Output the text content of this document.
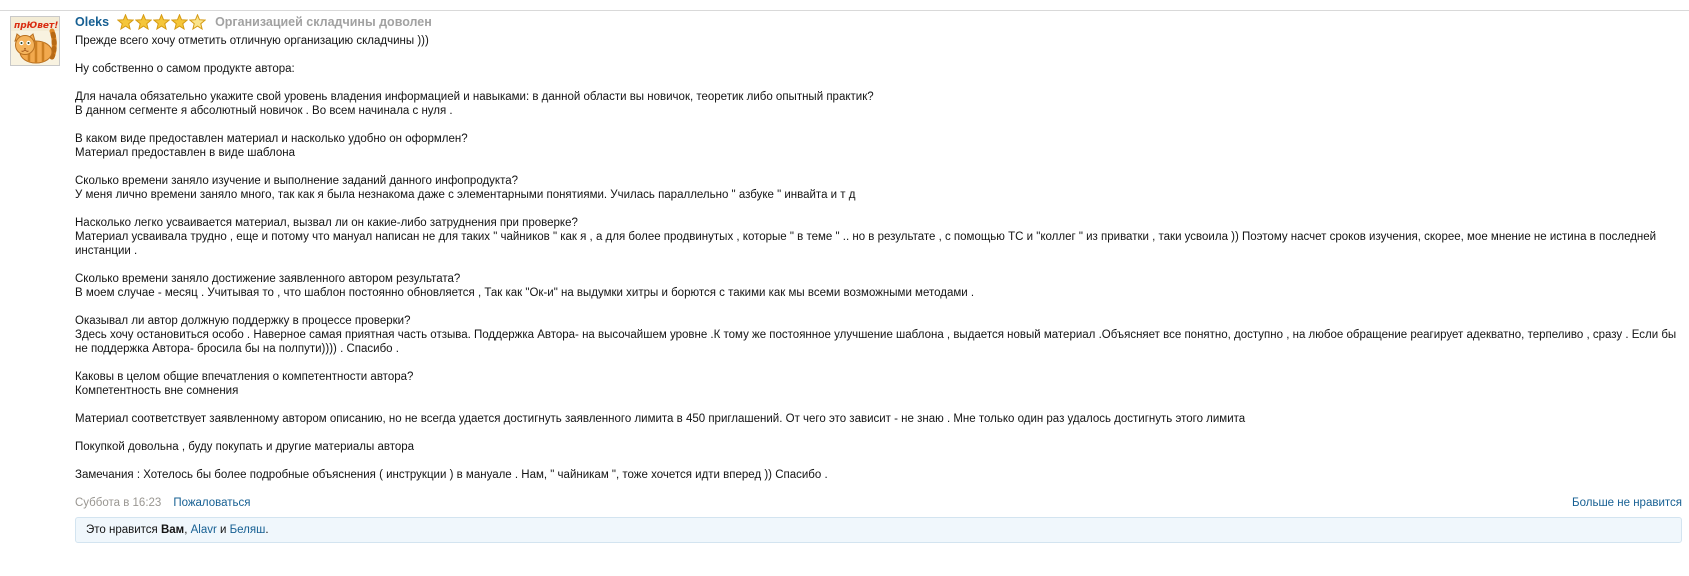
прЮвет! Oleks	Организацией складчины доволен
Прежде всего хочу отметить отличную организацию складчины )))
Ну собственно о самом продукте автора:
Для начала обязательно укажите свой уровень владения информацией и навыками: в данной области вы новичок, теоретик либо опытный практик?
В данном сегменте я абсолютный новичок . Во всем начинала с нуля .
В каком виде предоставлен материал и насколько удобно он оформлен?
Материал предоставлен в виде шаблона
Сколько времени заняло изучение и выполнение заданий данного инфопродукта?
У меня лично времени заняло много, так как я была незнакома даже с элементарными понятиями. Училась параллельно " азбуке " инвайта и т д
Насколько легко усваивается материал, вызвал ли он какие-либо затруднения при проверке?
Материал усваивала трудно , еще и потому что мануал написан не для таких " чайников " как я , а для более продвинутых , которые " в теме " .. но в результате , с помощью ТС и "коллег " из приватки , таки усвоила )) Поэтому насчет сроков изучения, скорее, мое мнение не истина в последней инстанции .
Сколько времени заняло достижение заявленного автором результата?
В моем случае - месяц . Учитывая то , что шаблон постоянно обновляется , Так как "Ок-и" на выдумки хитры и борются с такими как мы всеми возможными методами .
Оказывал ли автор должную поддержку в процессе проверки?
Здесь хочу остановиться особо . Наверное самая приятная часть отзыва. Поддержка Автора- на высочайшем уровне .К тому же постоянное улучшение шаблона , выдается новый материал .Объясняет все понятно, доступно , на любое обращение реагирует адекватно, терпеливо , сразу . Если бы не поддержка Автора- бросила бы на полпути)))) . Спасибо .
Каковы в целом общие впечатления о компетентности автора?
Компетентность вне сомнения
Материал соответствует заявленному автором описанию, но не всегда удается достигнуть заявленного лимита в 450 приглашений. От чего это зависит - не знаю . Мне только один раз удалось достигнуть этого лимита
Покупкой довольна , буду покупать и другие материалы автора
Замечания : Хотелось бы более подробные объяснения ( инструкции ) в мануале . Нам, " чайникам ", тоже хочется идти вперед )) Спасибо .
Суббота в 16:23 Пожаловаться	Больше не нравится
Это нравится Вам, Alavr и Беляш.
